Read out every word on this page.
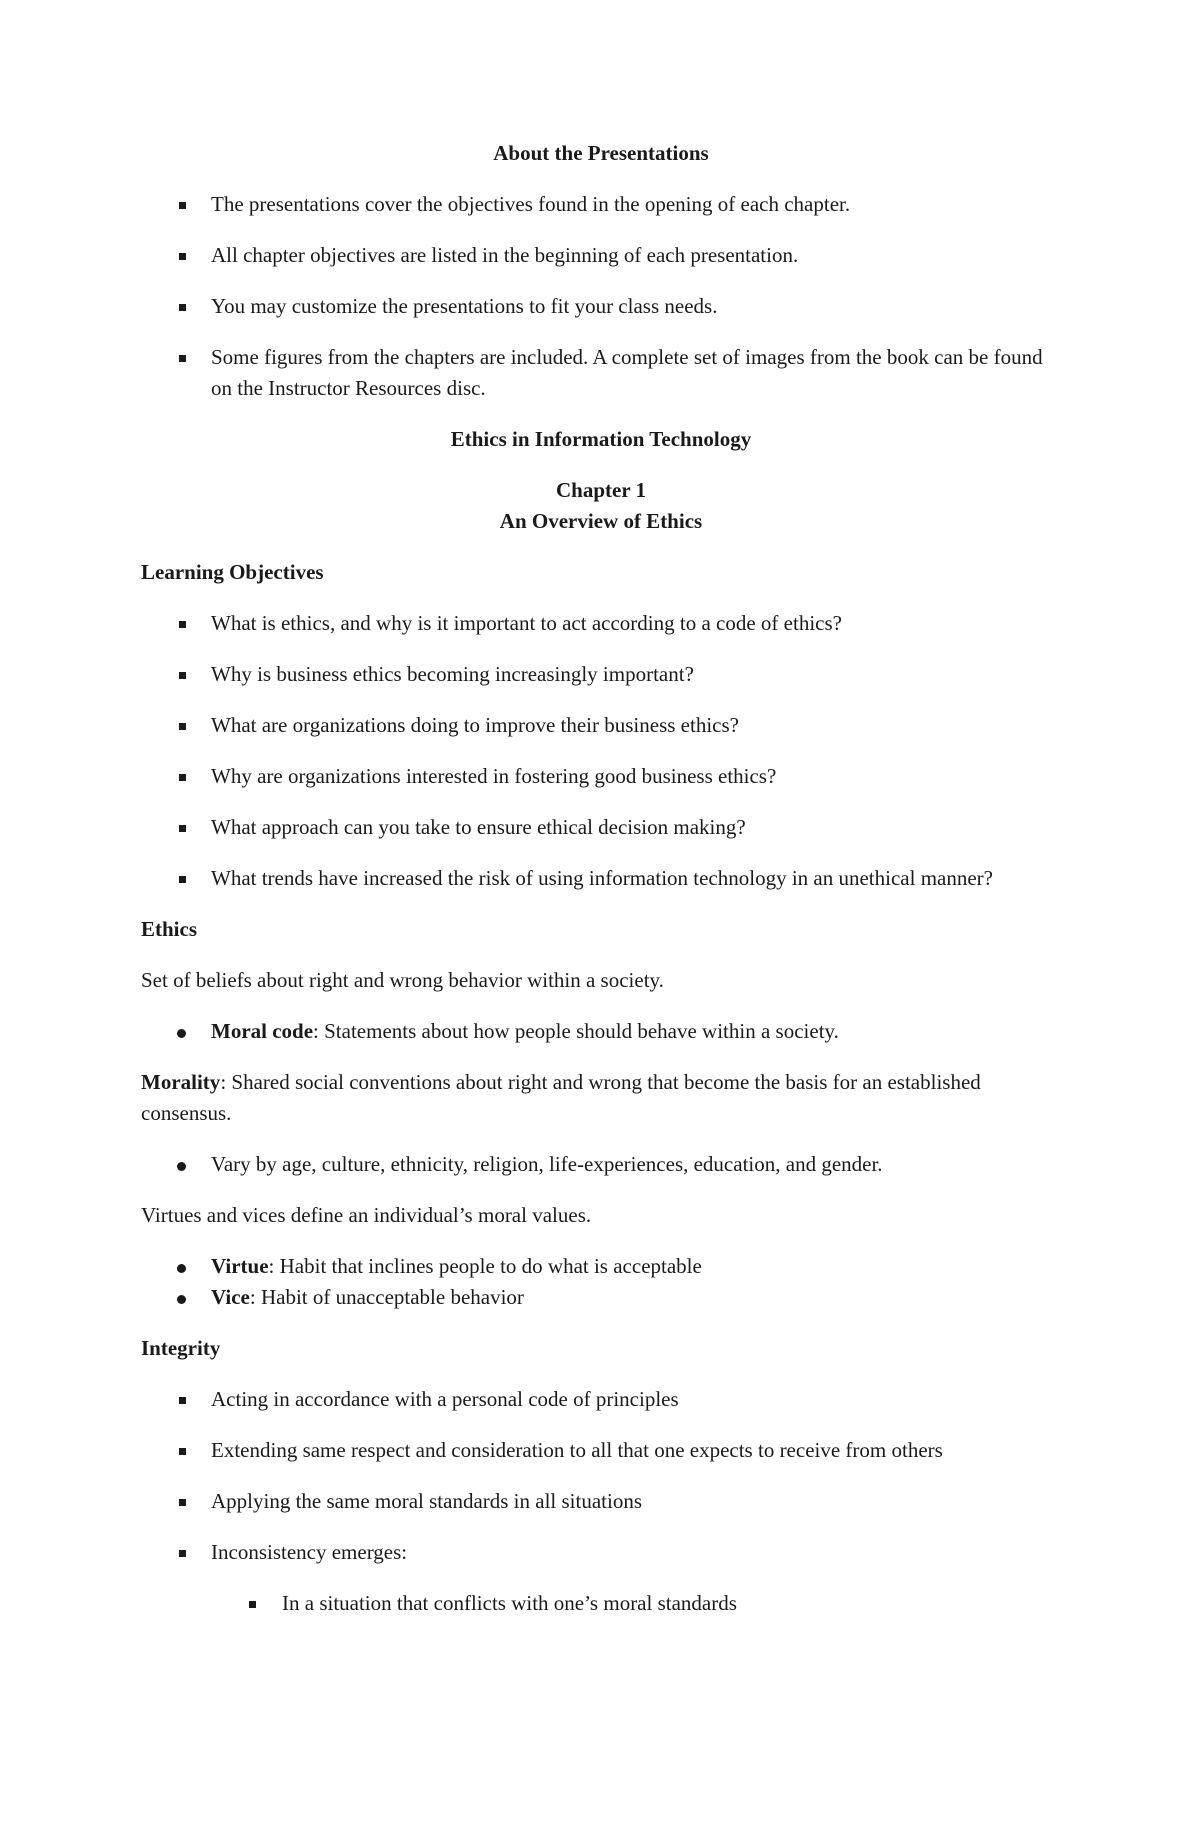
About the Presentations

The presentations cover the objectives found in the opening of each chapter.
All chapter objectives are listed in the beginning of each presentation.
You may customize the presentations to fit your class needs.
Some figures from the chapters are included. A complete set of images from the book can be found on the Instructor Resources disc.

Ethics in Information Technology

Chapter 1

An Overview of Ethics

Learning Objectives

What is ethics, and why is it important to act according to a code of ethics?
Why is business ethics becoming increasingly important?
What are organizations doing to improve their business ethics?
Why are organizations interested in fostering good business ethics?
What approach can you take to ensure ethical decision making?
What trends have increased the risk of using information technology in an unethical manner?

Ethics

Set of beliefs about right and wrong behavior within a society.

Moral code: Statements about how people should behave within a society.

Morality: Shared social conventions about right and wrong that become the basis for an established consensus.

Vary by age, culture, ethnicity, religion, life-experiences, education, and gender.

Virtues and vices define an individual’s moral values.

Virtue: Habit that inclines people to do what is acceptable
Vice: Habit of unacceptable behavior

Integrity

Acting in accordance with a personal code of principles
Extending same respect and consideration to all that one expects to receive from others
Applying the same moral standards in all situations
Inconsistency emerges:
In a situation that conflicts with one’s moral standards
